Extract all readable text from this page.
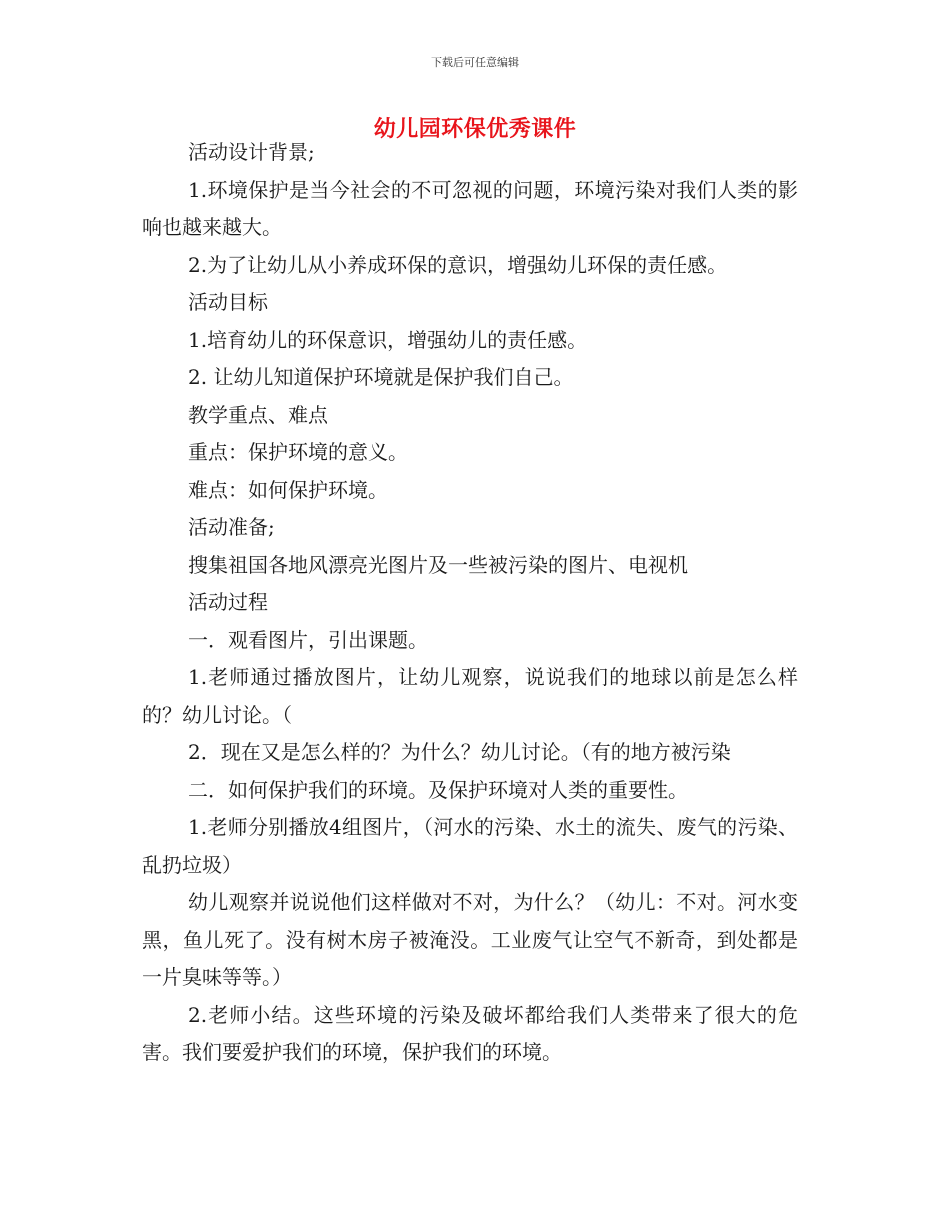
下载后可任意编辑
幼儿园环保优秀课件

活动设计背景;

1.环境保护是当今社会的不可忽视的问题，环境污染对我们人类的影响也越来越大。

2.为了让幼儿从小养成环保的意识，增强幼儿环保的责任感。

活动目标

1.培育幼儿的环保意识，增强幼儿的责任感。

2. 让幼儿知道保护环境就是保护我们自己。

教学重点、难点

重点：保护环境的意义。

难点：如何保护环境。

活动准备;

搜集祖国各地风漂亮光图片及一些被污染的图片、电视机

活动过程

一．观看图片，引出课题。

1.老师通过播放图片，让幼儿观察，说说我们的地球以前是怎么样的？幼儿讨论。（

2．现在又是怎么样的？为什么？幼儿讨论。（有的地方被污染

二．如何保护我们的环境。及保护环境对人类的重要性。

1.老师分别播放4组图片，（河水的污染、水土的流失、废气的污染、乱扔垃圾）

幼儿观察并说说他们这样做对不对，为什么？（幼儿：不对。河水变黑，鱼儿死了。没有树木房子被淹没。工业废气让空气不新奇，到处都是一片臭味等等。）

2.老师小结。这些环境的污染及破坏都给我们人类带来了很大的危害。我们要爱护我们的环境，保护我们的环境。
